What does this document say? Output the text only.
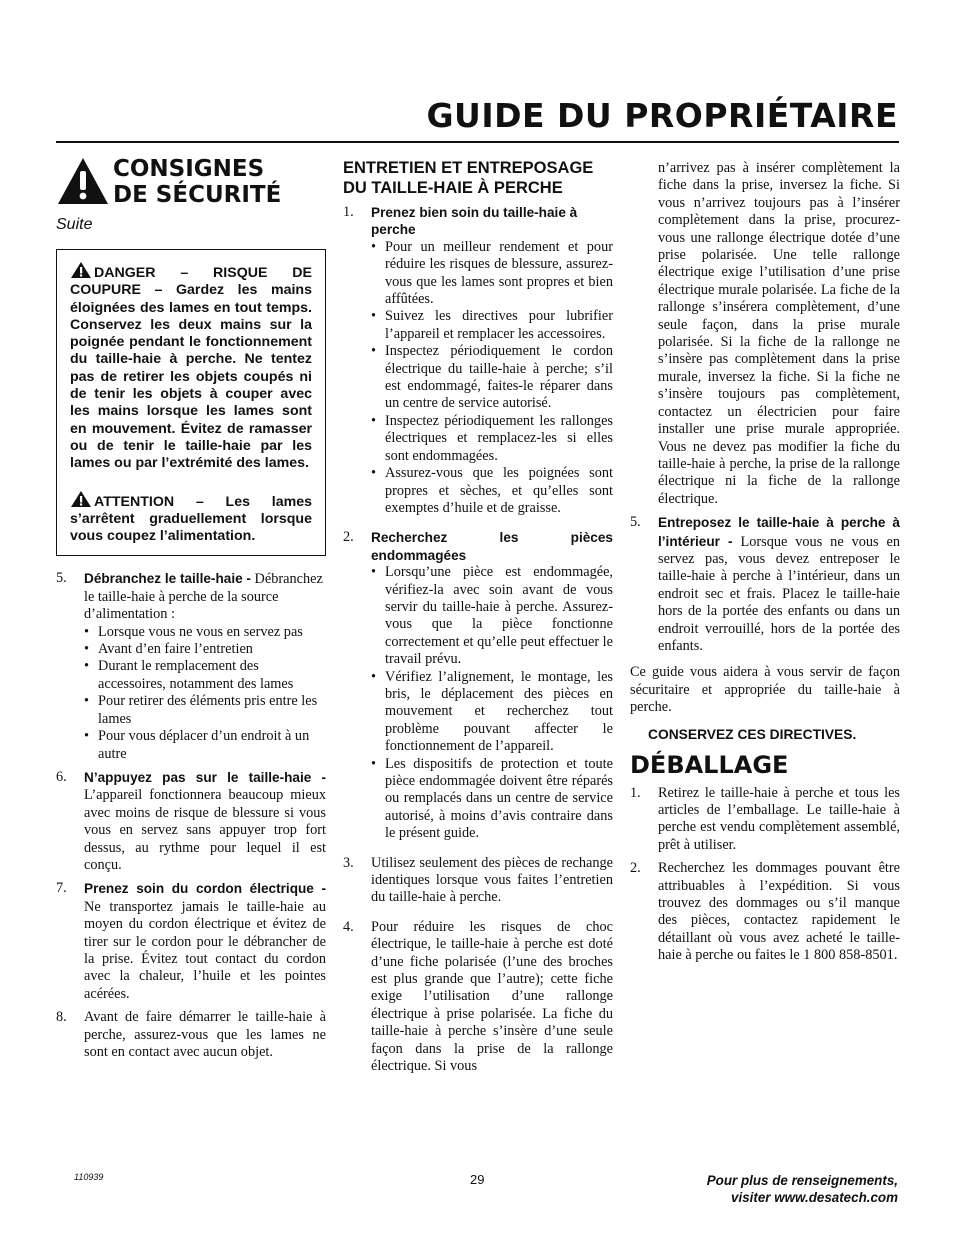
GUIDE DU PROPRIÉTAIRE
CONSIGNES
DE SÉCURITÉ
Suite

DANGER – RISQUE DE COUPURE – Gardez les mains éloignées des lames en tout temps. Conservez les deux mains sur la poignée pendant le fonctionnement du taille-haie à perche. Ne tentez pas de retirer les objets coupés ni de tenir les objets à couper avec les mains lorsque les lames sont en mouvement. Évitez de ramasser ou de tenir le taille-haie par les lames ou par l’extrémité des lames.

ATTENTION – Les lames s’arrêtent graduellement lorsque vous coupez l’alimentation.

5. Débranchez le taille-haie - Débranchez le taille-haie à perche de la source d’alimentation :
• Lorsque vous ne vous en servez pas
• Avant d’en faire l’entretien
• Durant le remplacement des accessoires, notamment des lames
• Pour retirer des éléments pris entre les lames
• Pour vous déplacer d’un endroit à un autre
6. N’appuyez pas sur le taille-haie - L’appareil fonctionnera beaucoup mieux avec moins de risque de blessure si vous vous en servez sans appuyer trop fort dessus, au rythme pour lequel il est conçu.
7. Prenez soin du cordon électrique - Ne transportez jamais le taille-haie au moyen du cordon électrique et évitez de tirer sur le cordon pour le débrancher de la prise. Évitez tout contact du cordon avec la chaleur, l’huile et les pointes acérées.
8. Avant de faire démarrer le taille-haie à perche, assurez-vous que les lames ne sont en contact avec aucun objet.
ENTRETIEN ET ENTREPOSAGE DU TAILLE-HAIE À PERCHE
1. Prenez bien soin du taille-haie à perche
• Pour un meilleur rendement et pour réduire les risques de blessure, assurez-vous que les lames sont propres et bien affûtées.
• Suivez les directives pour lubrifier l’appareil et remplacer les accessoires.
• Inspectez périodiquement le cordon électrique du taille-haie à perche; s’il est endommagé, faites-le réparer dans un centre de service autorisé.
• Inspectez périodiquement les rallonges électriques et remplacez-les si elles sont endommagées.
• Assurez-vous que les poignées sont propres et sèches, et qu’elles sont exemptes d’huile et de graisse.
2. Recherchez les pièces endommagées
• Lorsqu’une pièce est endommagée, vérifiez-la avec soin avant de vous servir du taille-haie à perche. Assurez-vous que la pièce fonctionne correctement et qu’elle peut effectuer le travail prévu.
• Vérifiez l’alignement, le montage, les bris, le déplacement des pièces en mouvement et recherchez tout problème pouvant affecter le fonctionnement de l’appareil.
• Les dispositifs de protection et toute pièce endommagée doivent être réparés ou remplacés dans un centre de service autorisé, à moins d’avis contraire dans le présent guide.
3. Utilisez seulement des pièces de rechange identiques lorsque vous faites l’entretien du taille-haie à perche.
4. Pour réduire les risques de choc électrique, le taille-haie à perche est doté d’une fiche polarisée (l’une des broches est plus grande que l’autre); cette fiche exige l’utilisation d’une rallonge électrique à prise polarisée. La fiche du taille-haie à perche s’insère d’une seule façon dans la prise de la rallonge électrique. Si vous
n’arrivez pas à insérer complètement la fiche dans la prise, inversez la fiche. Si vous n’arrivez toujours pas à l’insérer complètement dans la prise, procurez-vous une rallonge électrique dotée d’une prise polarisée. Une telle rallonge électrique exige l’utilisation d’une prise électrique murale polarisée. La fiche de la rallonge s’insérera complètement, d’une seule façon, dans la prise murale polarisée. Si la fiche de la rallonge ne s’insère pas complètement dans la prise murale, inversez la fiche. Si la fiche ne s’insère toujours pas complètement, contactez un électricien pour faire installer une prise murale appropriée. Vous ne devez pas modifier la fiche du taille-haie à perche, la prise de la rallonge électrique ni la fiche de la rallonge électrique.
5. Entreposez le taille-haie à perche à l’intérieur - Lorsque vous ne vous en servez pas, vous devez entreposer le taille-haie à perche à l’intérieur, dans un endroit sec et frais. Placez le taille-haie hors de la portée des enfants ou dans un endroit verrouillé, hors de la portée des enfants.
Ce guide vous aidera à vous servir de façon sécuritaire et appropriée du taille-haie à perche.
CONSERVEZ CES DIRECTIVES.
DÉBALLAGE
1. Retirez le taille-haie à perche et tous les articles de l’emballage. Le taille-haie à perche est vendu complètement assemblé, prêt à utiliser.
2. Recherchez les dommages pouvant être attribuables à l’expédition. Si vous trouvez des dommages ou s’il manque des pièces, contactez rapidement le détaillant où vous avez acheté le taille-haie à perche ou faites le 1 800 858-8501.
110939	29	Pour plus de renseignements,
visiter www.desatech.com
